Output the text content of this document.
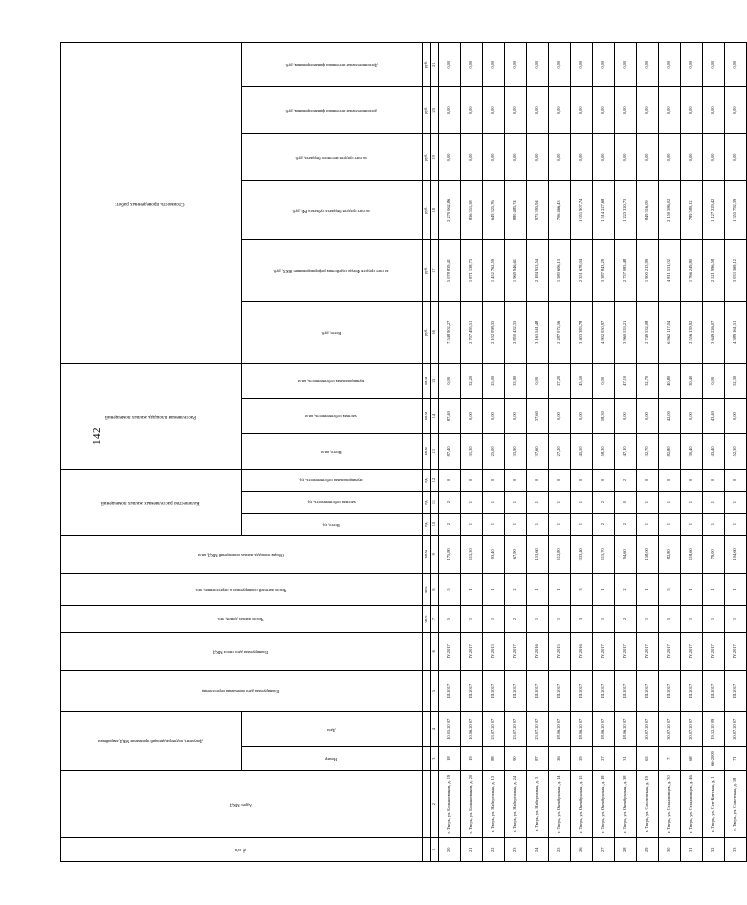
142
№ п/п	Адрес МКД	Документ, подтверждающий признание МКД аварийным		Планируемая дата окончания переселения	Планируемая дата сноса МКД	Число жилых домов, чел.	Число жителей планируемых к переселению, чел.	Общая площадь жилых помещений МКД, кв.м	Количество расселяемых жилых помещений			Расселяемая площадь жилых помещений			Стоимость проведенных работ:					
		Номер	Дата						Всего, ед.	частная собственность, ед.	муниципальная собственность, ед.	Всего, кв.м	частная собственность, кв.м	муниципальная собственность, кв.м	Всего, руб.	за счет средств Фонда содействия реформированию ЖКХ, руб.	за счет средств бюджета субъекта РФ, руб.	за счет средств местного бюджета, руб.	дополнительные источники финансирования, руб.	Дополнительные источники финансирования, руб.
						чел.	чел.	кв.м	ед.	ед.	ед.	кв.м	кв.м	кв.м	руб.	руб.	руб.	руб.	руб.	руб.
1	2	3	4	5	6	7	8	9	10	11	12	13	14	15	16	17	18	19	20	21
20	г. Тверь, ул. Большевиков, д. 19	18	10.05.20 07	III.2017	IV.2017	5	5	175,80	2	2	0	87,40	87,40	0,00	7 548 902,27	5 078 839,41	2 270 062,86	0,00	0,00	0,00
21	г. Тверь, ул. Большевиков, д. 20	19	10.06.20 07	III.2017	IV.2017	1	1	115,30	1	1	0	31,30	0,00	32,20	2 707 495,51	1 871 138,73	836 351,58	0,00	0,00	0,00
22	г. Тверь, ул. Набережная, д. 13	88	23.07.20 07	III.2017	IV.2013	1	1	93,40	1	1	0	25,00	0,00	25,00	2 102 098,35	1 452 762,59	649 325,76	0,00	0,00	0,00
23	г. Тверь, ул. Набережная, д. 24	90	23.07.20 07	III.2017	IV.2017	2	2	67,90	1	1	0	33,90	0,00	33,90	2 850 432,33	1 969 946,61	880 485,74	0,00	0,00	0,00
24	г. Тверь, ул. Набережная, д. 3	87	23.07.20 07	III.2017	IV.2016	1	1	153,60	1	1	0	37,60	37,60	0,00	3 161 541,48	2 184 953,54	975 395,94	0,00	0,00	0,00
25	г. Тверь, ул. Октябрьская, д. 14	26	18.06.20 07	III.2017	IV.2015	1	1	112,80	1	1	0	27,20	0,00	27,20	2 287 072,56	1 580 606,13	706 466,43	0,00	0,00	0,00
26	г. Тверь, ул. Октябрьская, д. 15	29	18.06.20 07	III.2017	IV.2016	3	3	333,40	1	1	0	45,50	0,00	45,50	3 403 383,78	2 351 678,04	1 051 907,74	0,00	0,00	0,00
27	г. Тверь, ул. Октябрьская, д. 18	27	18.06.20 07	III.2017	IV.2017	1	1	115,70	2	2	0	58,30	58,30	0,00	4 902 050,97	3 387 843,29	1 514 227,68	0,00	0,00	0,00
28	г. Тверь, ул. Октябрьская, д. 38	31	18.06.20 07	III.2017	IV.2017	2	2	94,60	2	0	2	47,10	0,00	47,10	3 960 533,21	2 737 085,48	1 223 320,73	0,00	0,00	0,00
29	г. Тверь, ул. Смоленская, д. 19	63	20.07.20 07	III.2017	IV.2017	1	1	158,00	1	1	0	32,70	0,00	32,70	2 749 532,08	1 900 215,99	849 316,09	0,00	0,00	0,00
30	г. Тверь, ул. Стахановцев, д. 30	7	30.07.20 07	III.2017	IV.2017	5	5	82,80	1	1	0	82,80	42,00	40,80	6 962 117,04	4 811 531,02	2 150 586,02	0,00	0,00	0,00
31	г. Тверь, ул. Стахановцев, д. 46	68	20.07.20 07	III.2017	IV.2017	1	1	118,60	1	1	0	30,40	0,00	30,40	2 556 139,92	1 766 249,80	789 580,12	0,00	0,00	0,00
32	г. Тверь, ул. Сен-Китская, д. 1	66-2009	19.12.20 09	III.2017	IV.2017	1	1	79,00	1	1	0	43,40	43,40	0,00	3 649 226,07	2 521 996,58	1 127 229,42	0,00	0,00	0,00
33	г. Тверь, ул. Советская, д. 18	71	20.07.20 07	III.2017	IV.2017	1	1	104,60	1	1	0	52,30	0,00	52,30	4 389 161,51	3 033 369,12	1 355 792,39	0,00	0,00	0,00
